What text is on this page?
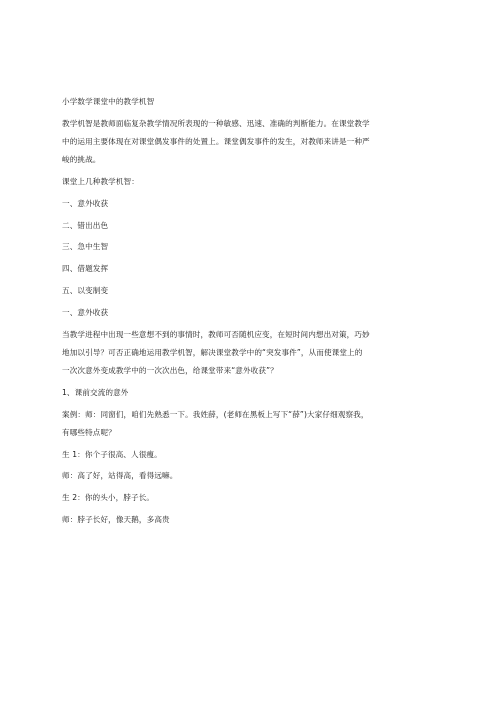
小学数学课堂中的教学机智

教学机智是教师面临复杂教学情况所表现的一种敏感、迅速、准确的判断能力。在课堂教学

中的运用主要体现在对课堂偶发事件的处置上。课堂偶发事件的发生，对教师来讲是一种严

峻的挑战。

课堂上几种教学机智：

一、意外收获

二、错出出色

三、急中生智

四、借题发挥

五、以变制变

一、意外收获

当教学进程中出现一些意想不到的事情时，教师可否随机应变，在短时间内想出对策，巧妙

地加以引导？可否正确地运用教学机智，解决课堂教学中的“突发事件”，从而使课堂上的

一次次意外变成教学中的一次次出色，给课堂带来“意外收获”？

1、课前交流的意外

案例：师：同窗们，咱们先熟悉一下。我姓薛，(老师在黑板上写下“薛”)大家仔细观察我，

有哪些特点呢？

生 1：你个子很高、人很瘦。

师：高了好，站得高，看得远嘛。

生 2：你的头小，脖子长。

师：脖子长好，像天鹅，多高贵
